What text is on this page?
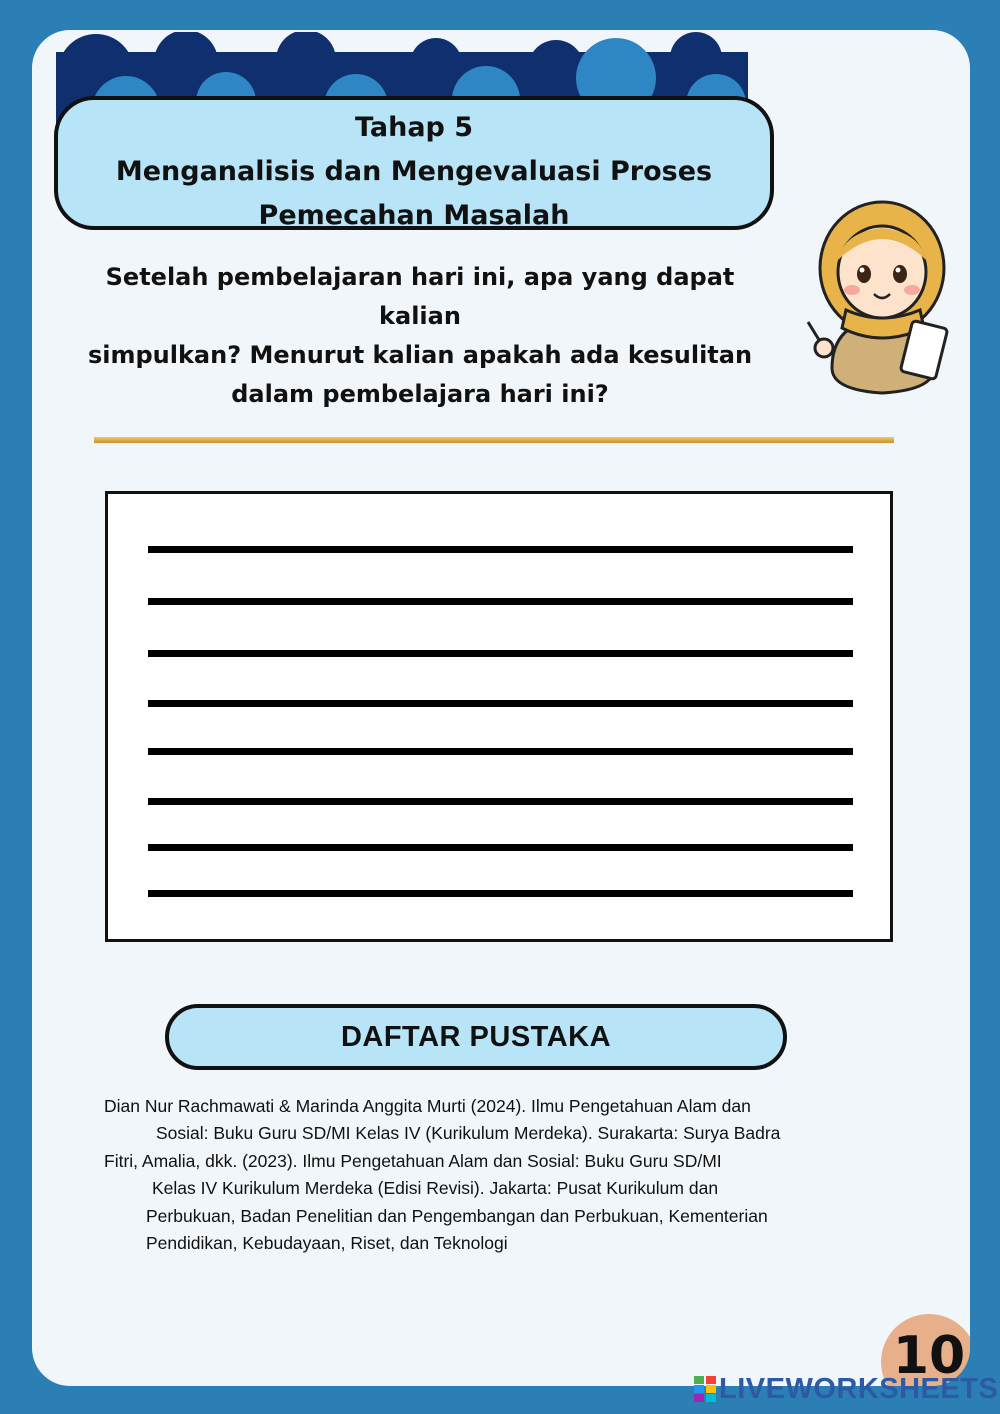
Tahap 5
Menganalisis dan Mengevaluasi Proses
Pemecahan Masalah
Setelah pembelajaran hari ini, apa yang dapat kalian
simpulkan? Menurut kalian apakah ada kesulitan
dalam pembelajara hari ini?
DAFTAR PUSTAKA
Dian Nur Rachmawati & Marinda Anggita Murti (2024). Ilmu Pengetahuan Alam dan
Sosial: Buku Guru SD/MI Kelas IV (Kurikulum Merdeka). Surakarta: Surya Badra
Fitri, Amalia, dkk. (2023). Ilmu Pengetahuan Alam dan Sosial: Buku Guru SD/MI
Kelas IV Kurikulum Merdeka (Edisi Revisi). Jakarta: Pusat Kurikulum dan
Perbukuan, Badan Penelitian dan Pengembangan dan Perbukuan, Kementerian
Pendidikan, Kebudayaan, Riset, dan Teknologi
10
LIVEWORKSHEETS
